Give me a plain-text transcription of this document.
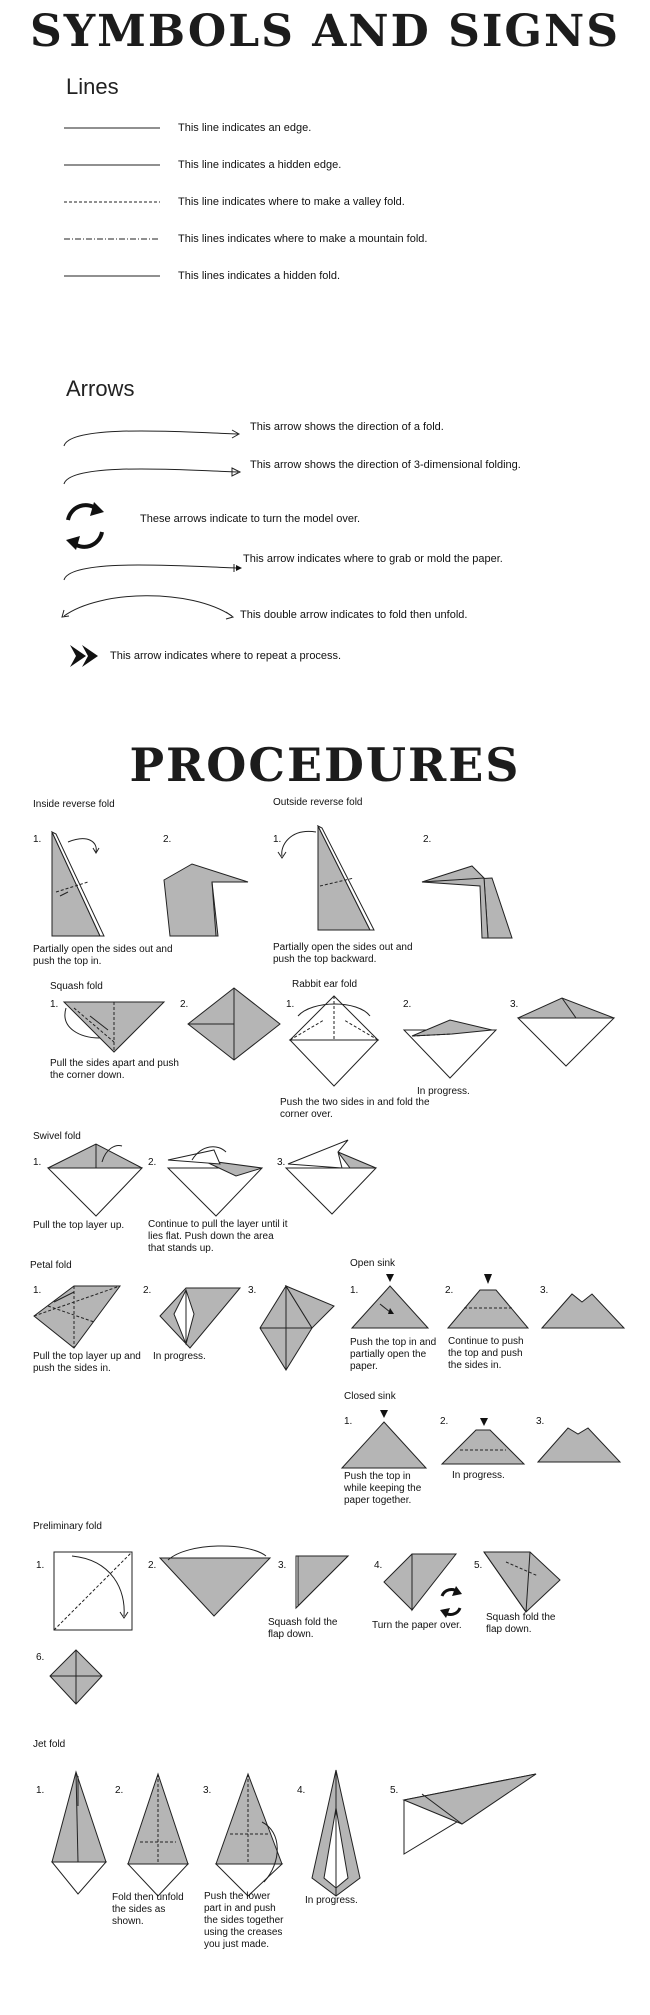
SYMBOLS AND SIGNS
Lines
This line indicates an edge.
This line indicates a hidden edge.
This line indicates where to make a valley fold.
This lines indicates where to make a mountain fold.
This lines indicates a hidden fold.
Arrows
This arrow shows the direction of a fold.
This arrow shows the direction of 3-dimensional folding.
These arrows indicate to turn the model over.
This arrow indicates where to grab or mold the paper.
This double arrow indicates to fold then unfold.
This arrow indicates where to repeat a process.
PROCEDURES
Inside reverse fold
1.	2.
Partially open the sides out and push the top in.
Outside reverse fold
1.	2.
Partially open the sides out and push the top backward.
Squash fold
1.	2.
Pull the sides apart and push the corner down.
Rabbit ear fold
1.	2.	3.
Push the two sides in and fold the corner over.
In progress.
Swivel fold
1.	2.	3.
Pull the top layer up. Continue to pull the layer until it lies flat. Push down the area that stands up.
Petal fold
1.	2.	3.
Pull the top layer up and push the sides in.
In progress.
Open sink
1.	2.	3.
Push the top in and partially open the paper.
Continue to push the top and push the sides in.
Closed sink
1.	2.	3.
Push the top in while keeping the paper together.
In progress.
Preliminary fold
1.	2.	3.	4.	5.
Squash fold the flap down.
Turn the paper over.
Squash fold the flap down.
6.
Jet fold
1.	2.	3.	4.	5.
Fold then unfold the sides as shown.
Push the lower part in and push the sides together using the creases you just made.
In progress.
